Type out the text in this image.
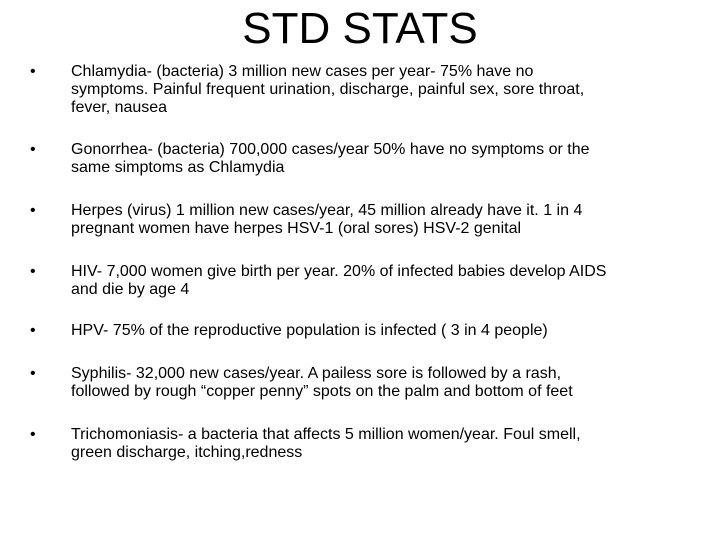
STD STATS
•	Chlamydia- (bacteria) 3 million new cases per year- 75% have no
symptoms. Painful frequent urination, discharge, painful sex, sore throat,
fever, nausea
•	Gonorrhea- (bacteria) 700,000 cases/year 50% have no symptoms or the
same simptoms as Chlamydia
•	Herpes (virus) 1 million new cases/year, 45 million already have it. 1 in 4
pregnant women have herpes HSV-1 (oral sores) HSV-2 genital
•	HIV- 7,000 women give birth per year. 20% of infected babies develop AIDS
and die by age 4
•	HPV- 75% of the reproductive population is infected ( 3 in 4 people)
•	Syphilis- 32,000 new cases/year. A pailess sore is followed by a rash,
followed by rough “copper penny” spots on the palm and bottom of feet
•	Trichomoniasis- a bacteria that affects 5 million women/year. Foul smell,
green discharge, itching,redness
